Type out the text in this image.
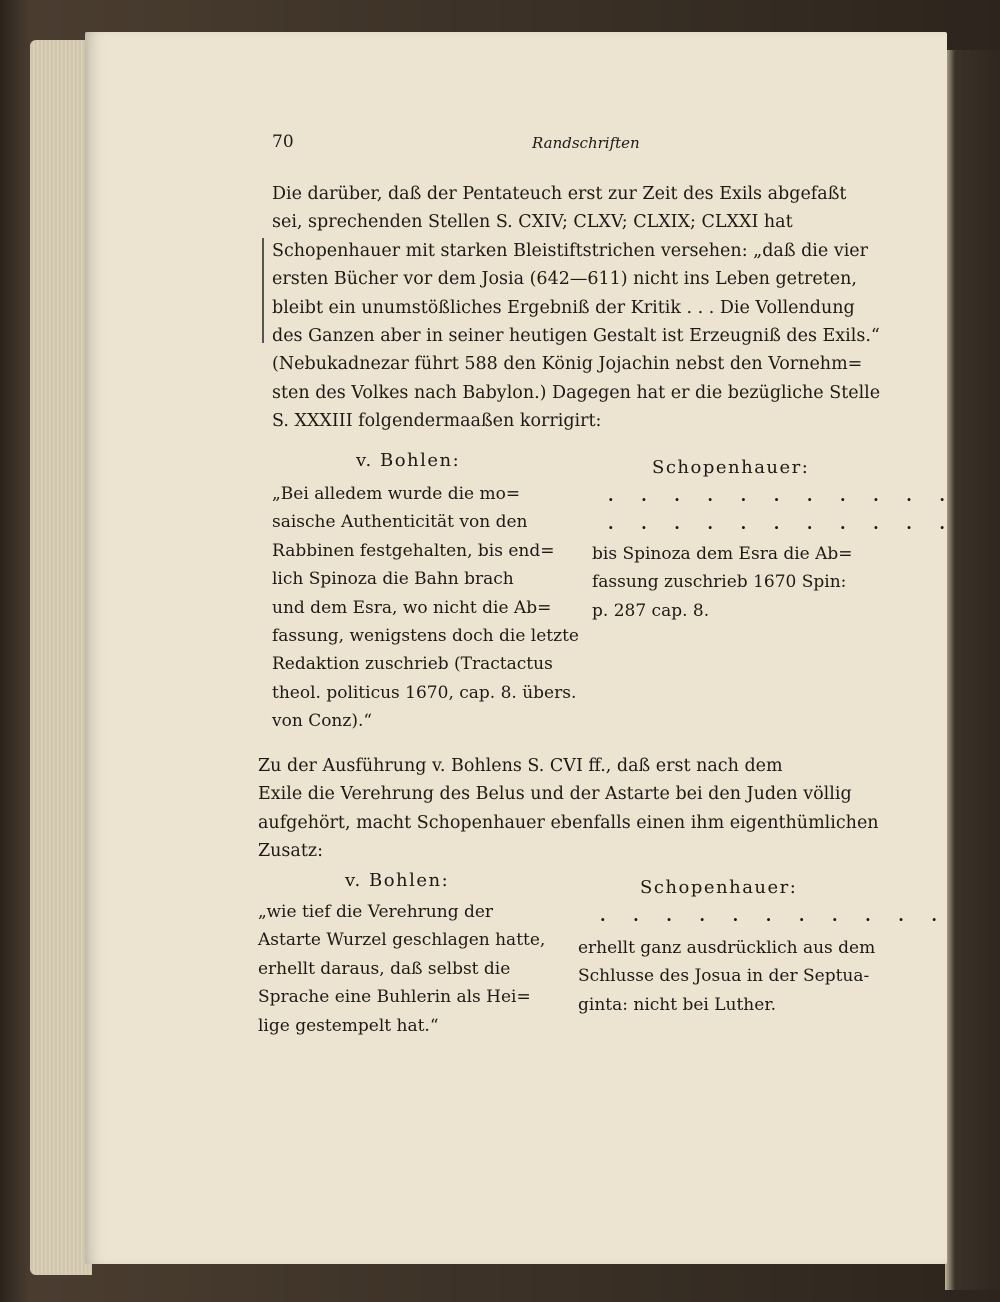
70	Randschriften
Die darüber, daß der Pentateuch erst zur Zeit des Exils abgefaßt
sei, sprechenden Stellen S. CXIV; CLXV; CLXIX; CLXXI hat
Schopenhauer mit starken Bleistiftstrichen versehen: „daß die vier
ersten Bücher vor dem Josia (642—611) nicht ins Leben getreten,
bleibt ein unumstößliches Ergebniß der Kritik . . . Die Vollendung
des Ganzen aber in seiner heutigen Gestalt ist Erzeugniß des Exils.“
(Nebukadnezar führt 588 den König Jojachin nebst den Vornehm=
sten des Volkes nach Babylon.) Dagegen hat er die bezügliche Stelle
S. XXXIII folgendermaaßen korrigirt:
v. Bohlen:
„Bei alledem wurde die mo=
saische Authenticität von den
Rabbinen festgehalten, bis end=
lich Spinoza die Bahn brach
und dem Esra, wo nicht die Ab=
fassung, wenigstens doch die letzte
Redaktion zuschrieb (Tractactus
theol. politicus 1670, cap. 8. übers.
von Conz).“
Schopenhauer:
. . . . . . . . . . .
. . . . . . . . . . .
bis Spinoza dem Esra die Ab=
fassung zuschrieb 1670 Spin:
p. 287 cap. 8.
Zu der Ausführung v. Bohlens S. CVI ff., daß erst nach dem
Exile die Verehrung des Belus und der Astarte bei den Juden völlig
aufgehört, macht Schopenhauer ebenfalls einen ihm eigenthümlichen
Zusatz:
v. Bohlen:
„wie tief die Verehrung der
Astarte Wurzel geschlagen hatte,
erhellt daraus, daß selbst die
Sprache eine Buhlerin als Hei=
lige gestempelt hat.“
Schopenhauer:
. . . . . . . . . . .
erhellt ganz ausdrücklich aus dem
Schlusse des Josua in der Septua-
ginta: nicht bei Luther.
